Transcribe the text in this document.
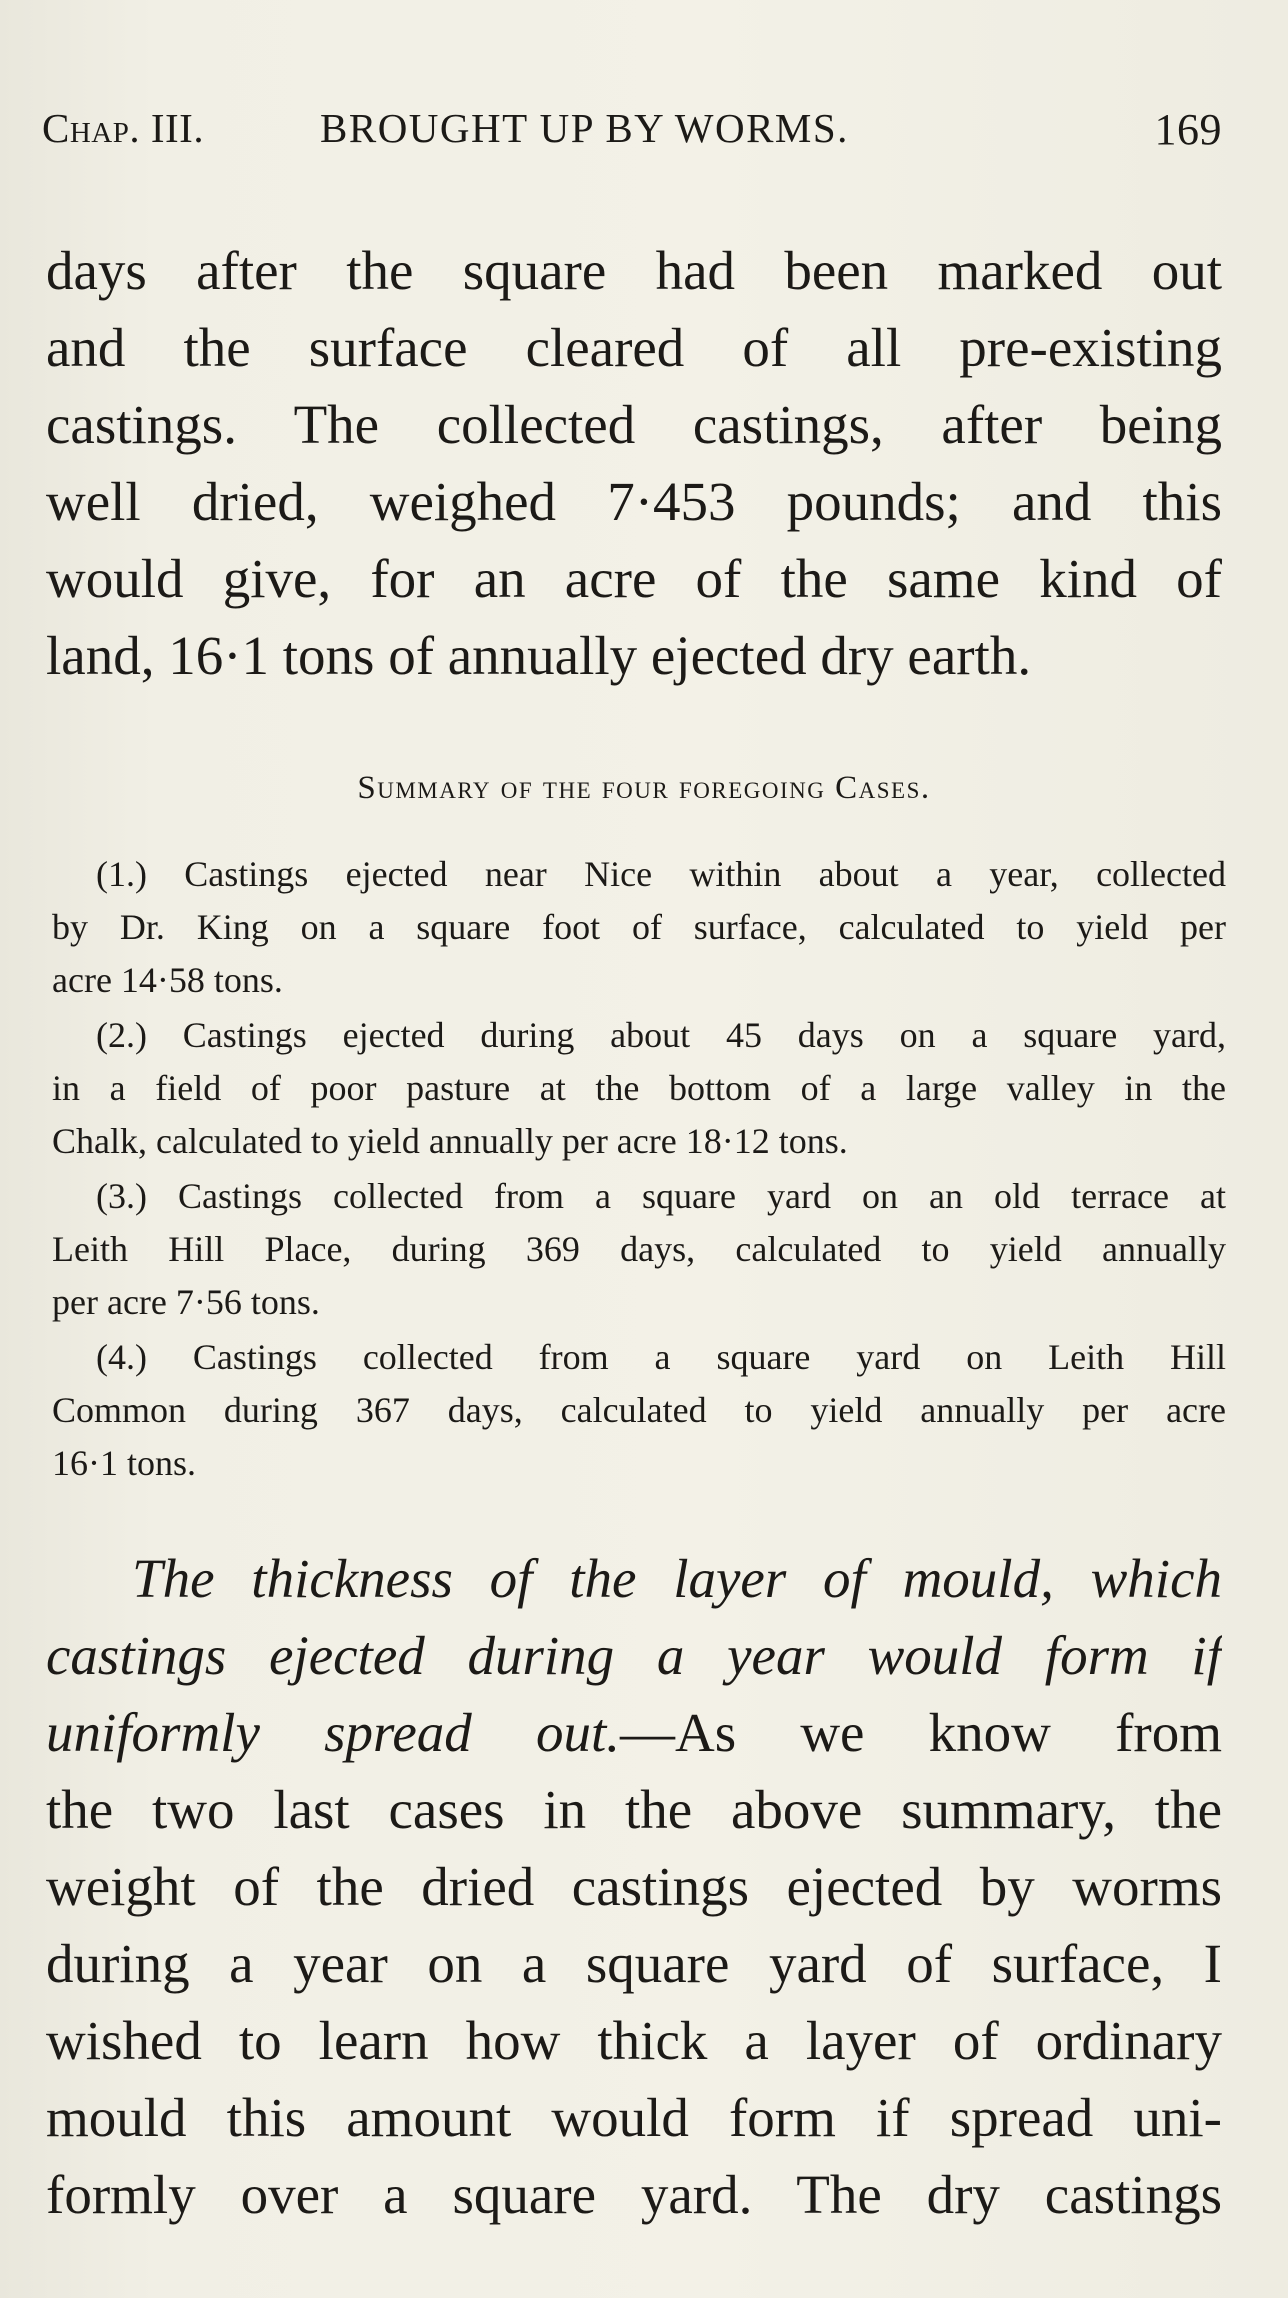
Chap. III.	BROUGHT UP BY WORMS.	169
days after the square had been marked out
and the surface cleared of all pre-existing
castings. The collected castings, after being
well dried, weighed 7·453 pounds; and this
would give, for an acre of the same kind of
land, 16·1 tons of annually ejected dry earth.
Summary of the four foregoing Cases.
(1.) Castings ejected near Nice within about a year, collected
by Dr. King on a square foot of surface, calculated to yield per
acre 14·58 tons.
(2.) Castings ejected during about 45 days on a square yard,
in a field of poor pasture at the bottom of a large valley in the
Chalk, calculated to yield annually per acre 18·12 tons.
(3.) Castings collected from a square yard on an old terrace at
Leith Hill Place, during 369 days, calculated to yield annually
per acre 7·56 tons.
(4.) Castings collected from a square yard on Leith Hill
Common during 367 days, calculated to yield annually per acre
16·1 tons.
The thickness of the layer of mould, which
castings ejected during a year would form if
uniformly spread out.—As we know from
the two last cases in the above summary, the
weight of the dried castings ejected by worms
during a year on a square yard of surface, I
wished to learn how thick a layer of ordinary
mould this amount would form if spread uni-
formly over a square yard. The dry castings
